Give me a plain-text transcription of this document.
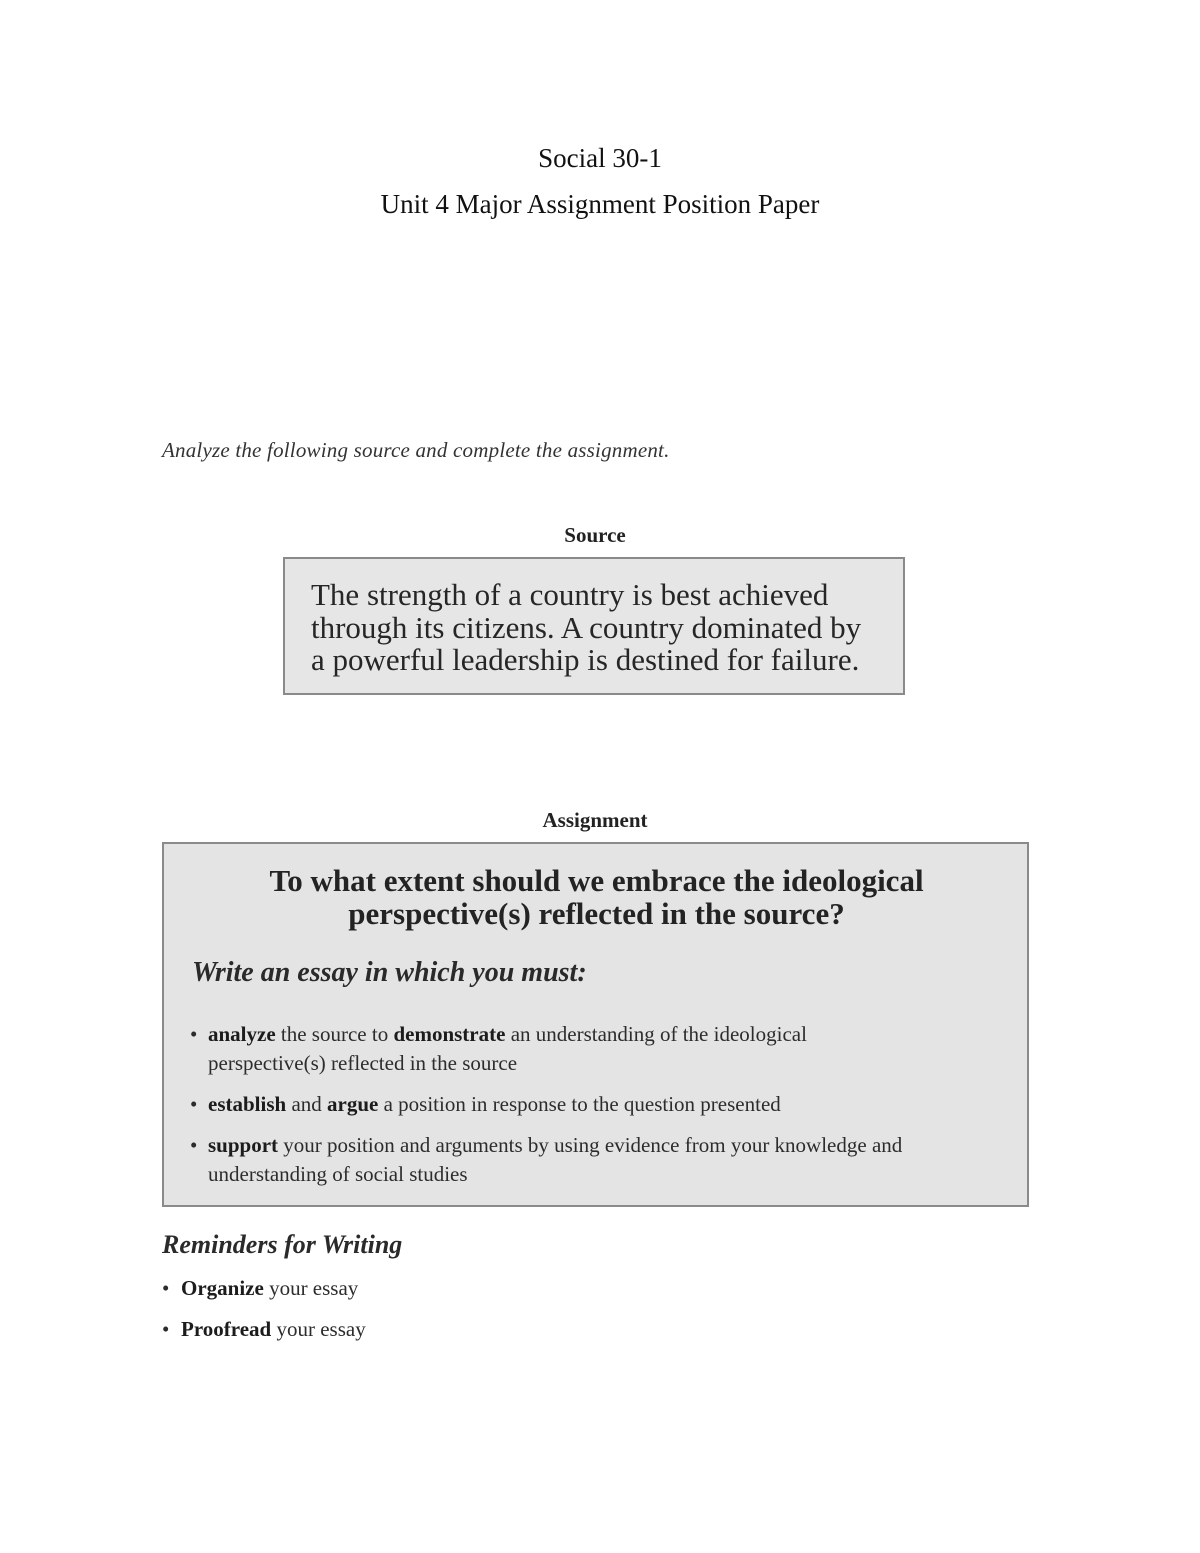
Social 30-1
Unit 4 Major Assignment Position Paper
Analyze the following source and complete the assignment.
Source
The strength of a country is best achieved
through its citizens. A country dominated by
a powerful leadership is destined for failure.
Assignment
To what extent should we embrace the ideological
perspective(s) reflected in the source?
Write an essay in which you must:
• analyze the source to demonstrate an understanding of the ideological
perspective(s) reflected in the source
• establish and argue a position in response to the question presented
• support your position and arguments by using evidence from your knowledge and
understanding of social studies
Reminders for Writing
• Organize your essay
• Proofread your essay
